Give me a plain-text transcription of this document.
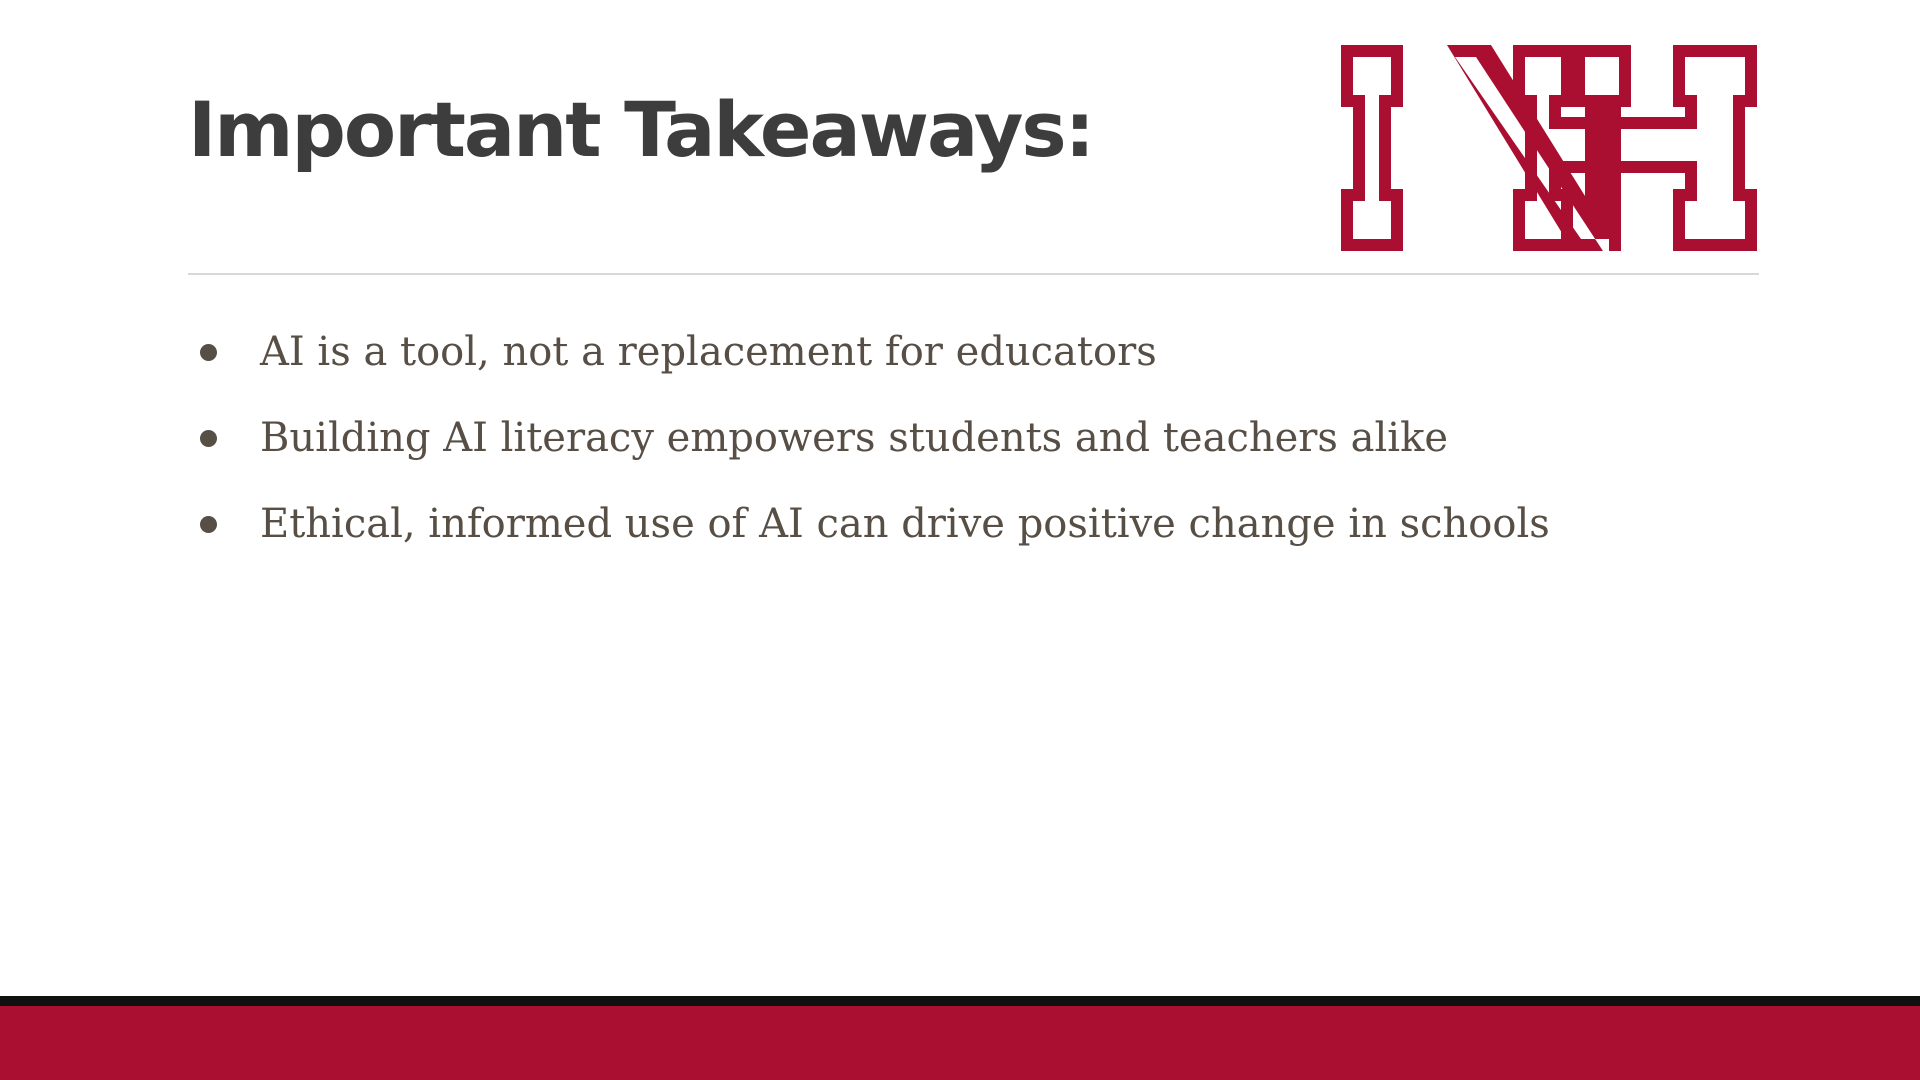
Important Takeaways:
AI is a tool, not a replacement for educators
Building AI literacy empowers students and teachers alike
Ethical, informed use of AI can drive positive change in schools
